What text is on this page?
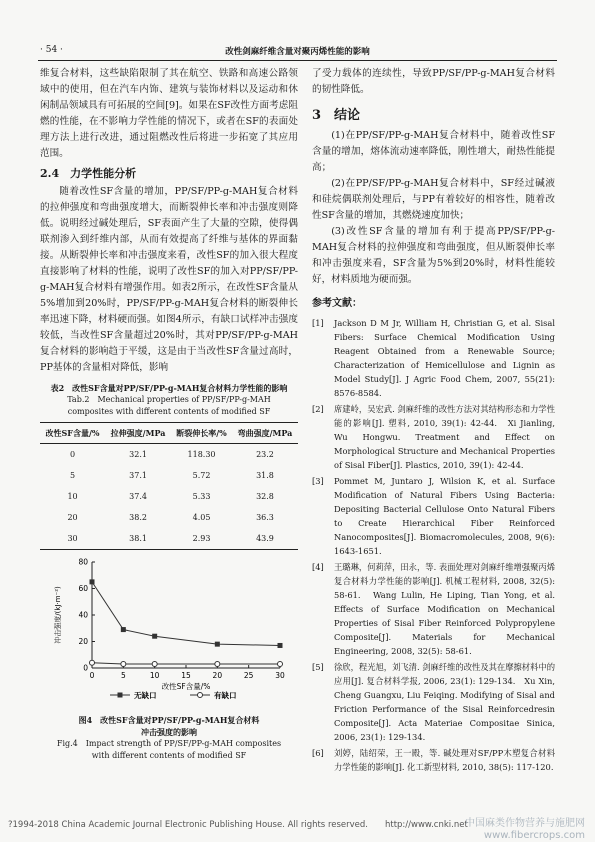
· 54 ·	改性剑麻纤维含量对聚丙烯性能的影响

维复合材料，这些缺陷限制了其在航空、铁路和高速公路领域中的使用，但在汽车内饰、建筑与装饰材料以及运动和休闲制品领域具有可拓展的空间[9]。如果在SF改性方面考虑阻燃的性能，在不影响力学性能的情况下，或者在SF的表面处理方法上进行改进，通过阻燃改性后将进一步拓宽了其应用范围。

2.4　力学性能分析

随着改性SF含量的增加，PP/SF/PP-g-MAH复合材料的拉伸强度和弯曲强度增大，而断裂伸长率和冲击强度则降低。说明经过碱处理后，SF表面产生了大量的空隙，使得偶联剂渗入到纤维内部，从而有效提高了纤维与基体的界面黏接。从断裂伸长率和冲击强度来看，改性SF的加入很大程度直接影响了材料的性能，说明了改性SF的加入对PP/SF/PP-g-MAH复合材料有增强作用。如表2所示，在改性SF含量从5%增加到20%时，PP/SF/PP-g-MAH复合材料的断裂伸长率迅速下降，材料硬而强。如图4所示，有缺口试样冲击强度较低，当改性SF含量超过20%时，其对PP/SF/PP-g-MAH复合材料的影响趋于平缓，这是由于当改性SF含量过高时，PP基体的含量相对降低，影响

表2　改性SF含量对PP/SF/PP-g-MAH复合材料力学性能的影响
Tab.2　Mechanical properties of PP/SF/PP-g-MAH
composites with different contents of modified SF
改性SF含量/%	拉伸强度/MPa	断裂伸长率/%	弯曲强度/MPa
0	32.1	118.30	23.2
5	37.1	5.72	31.8
10	37.4	5.33	32.8
20	38.2	4.05	36.3
30	38.1	2.93	43.9
0	5	10	15	20	25	30
0
20
40
60
80
改性SF含量/%
冲击强度/(kJ·m⁻²)
无缺口	有缺口
图4　改性SF含量对PP/SF/PP-g-MAH复合材料
冲击强度的影响
Fig.4　Impact strength of PP/SF/PP-g-MAH composites
with different contents of modified SF

了受力载体的连续性，导致PP/SF/PP-g-MAH复合材料的韧性降低。

3　结论

(1)在PP/SF/PP-g-MAH复合材料中，随着改性SF含量的增加，熔体流动速率降低，刚性增大，耐热性能提高；

(2)在PP/SF/PP-g-MAH复合材料中，SF经过碱液和硅烷偶联剂处理后，与PP有着较好的相容性，随着改性SF含量的增加，其燃烧速度加快；

(3)改性SF含量的增加有利于提高PP/SF/PP-g-MAH复合材料的拉伸强度和弯曲强度，但从断裂伸长率和冲击强度来看，SF含量为5%到20%时，材料性能较好，材料质地为硬而强。

参考文献：
[1]	Jackson D M Jr, William H, Christian G, et al. Sisal Fibers: Surface Chemical Modification Using Reagent Obtained from a Renewable Source; Characterization of Hemicellulose and Lignin as Model Study[J]. J Agric Food Chem, 2007, 55(21): 8576-8584.
[2]	席建岭，吴宏武. 剑麻纤维的改性方法对其结构形态和力学性能的影响[J]. 塑料, 2010, 39(1): 42-44.　Xi Jianling, Wu Hongwu. Treatment and Effect on Morphological Structure and Mechanical Properties of Sisal Fiber[J]. Plastics, 2010, 39(1): 42-44.
[3]	Pommet M, Juntaro J, Wilsion K, et al. Surface Modification of Natural Fibers Using Bacteria: Depositing Bacterial Cellulose Onto Natural Fibers to Create Hierarchical Fiber Reinforced Nanocomposites[J]. Biomacromolecules, 2008, 9(6): 1643-1651.
[4]	王璐琳，何莉萍，田永，等. 表面处理对剑麻纤维增强聚丙烯复合材料力学性能的影响[J]. 机械工程材料, 2008, 32(5): 58-61.　Wang Lulin, He Liping, Tian Yong, et al. Effects of Surface Modification on Mechanical Properties of Sisal Fiber Reinforced Polypropylene Composite[J]. Materials for Mechanical Engineering, 2008, 32(5): 58-61.
[5]	徐欣，程光旭，刘飞清. 剑麻纤维的改性及其在摩擦材料中的应用[J]. 复合材料学报, 2006, 23(1): 129-134.　Xu Xin, Cheng Guangxu, Liu Feiqing. Modifying of Sisal and Friction Performance of the Sisal Reinforcedresin Composite[J]. Acta Materiae Compositae Sinica, 2006, 23(1): 129-134.
[6]	刘婷，陆绍荣，王一殿，等. 碱处理对SF/PP木塑复合材料力学性能的影响[J]. 化工新型材料, 2010, 38(5): 117-120.
?1994-2018 China Academic Journal Electronic Publishing House. All rights reserved.　　http://www.cnki.net
中国麻类作物营养与施肥网
www.fibercrops.com
